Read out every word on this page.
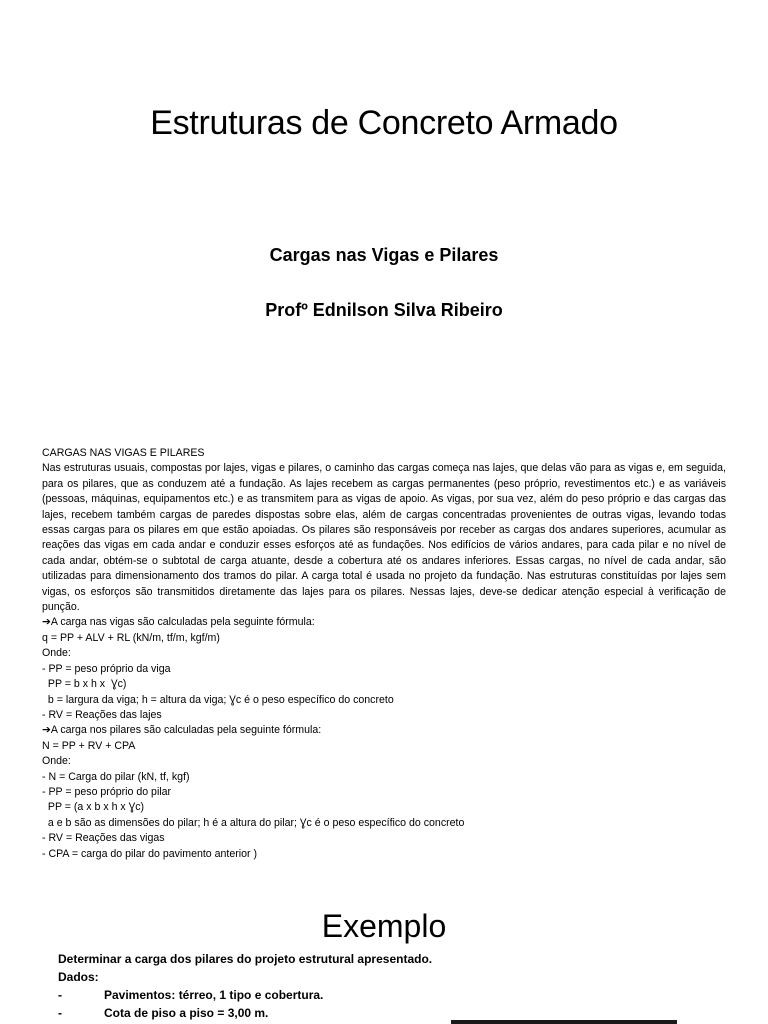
Estruturas de Concreto Armado
Cargas nas Vigas e Pilares
Profº Ednilson Silva Ribeiro

CARGAS NAS VIGAS E PILARES

Nas estruturas usuais, compostas por lajes, vigas e pilares, o caminho das cargas começa nas lajes, que delas vão para as vigas e, em seguida, para os pilares, que as conduzem até a fundação. As lajes recebem as cargas permanentes (peso próprio, revestimentos etc.) e as variáveis (pessoas, máquinas, equipamentos etc.) e as transmitem para as vigas de apoio. As vigas, por sua vez, além do peso próprio e das cargas das lajes, recebem também cargas de paredes dispostas sobre elas, além de cargas concentradas provenientes de outras vigas, levando todas essas cargas para os pilares em que estão apoiadas. Os pilares são responsáveis por receber as cargas dos andares superiores, acumular as reações das vigas em cada andar e conduzir esses esforços até as fundações. Nos edifícios de vários andares, para cada pilar e no nível de cada andar, obtém-se o subtotal de carga atuante, desde a cobertura até os andares inferiores. Essas cargas, no nível de cada andar, são utilizadas para dimensionamento dos tramos do pilar. A carga total é usada no projeto da fundação. Nas estruturas constituídas por lajes sem vigas, os esforços são transmitidos diretamente das lajes para os pilares. Nessas lajes, deve-se dedicar atenção especial à verificação de punção.

➔A carga nas vigas são calculadas pela seguinte fórmula:
q = PP + ALV + RL (kN/m, tf/m, kgf/m)
Onde:
- PP = peso próprio da viga
PP = b x h x  Ɣc)
b = largura da viga; h = altura da viga; Ɣc é o peso específico do concreto
- RV = Reações das lajes
➔A carga nos pilares são calculadas pela seguinte fórmula:
N = PP + RV + CPA
Onde:
- N = Carga do pilar (kN, tf, kgf)
- PP = peso próprio do pilar
PP = (a x b x h x Ɣc)
a e b são as dimensões do pilar; h é a altura do pilar; Ɣc é o peso específico do concreto
- RV = Reações das vigas
- CPA = carga do pilar do pavimento anterior )
Exemplo
Determinar a carga dos pilares do projeto estrutural apresentado.
Dados:
-	Pavimentos: térreo, 1 tipo e cobertura.
-	Cota de piso a piso = 3,00 m.
